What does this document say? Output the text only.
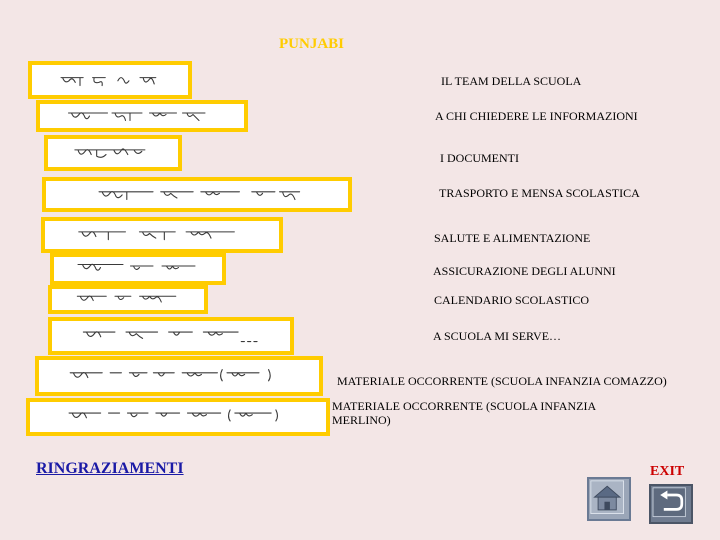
PUNJABI
IL TEAM DELLA SCUOLA
A CHI CHIEDERE LE INFORMAZIONI
I DOCUMENTI
TRASPORTO E MENSA SCOLASTICA
SALUTE E ALIMENTAZIONE
ASSICURAZIONE DEGLI ALUNNI
CALENDARIO SCOLASTICO
A SCUOLA MI SERVE…
MATERIALE OCCORRENTE (SCUOLA INFANZIA COMAZZO)
MATERIALE OCCORRENTE (SCUOLA INFANZIA MERLINO)
RINGRAZIAMENTI	EXIT
